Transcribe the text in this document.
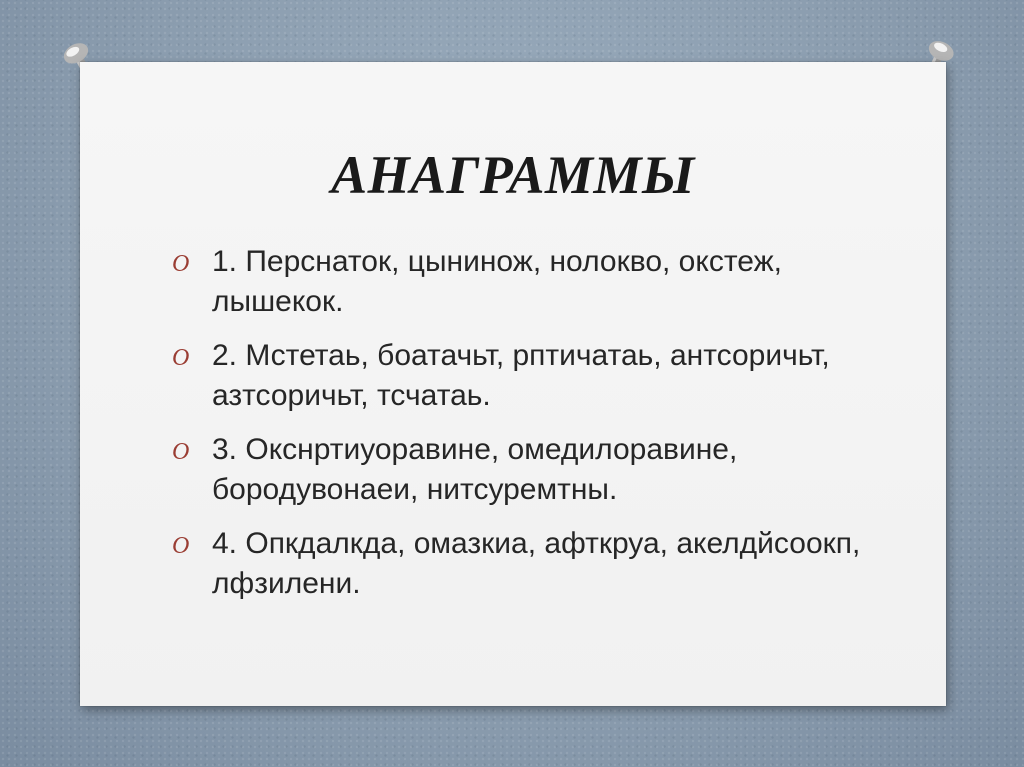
АНАГРАММЫ
O 1. Перснаток, цынинож, нолокво, окстеж, лышекок.
O 2. Мстетаь, боатачьт, рптичатаь, антсоричьт, азтсоричьт, тсчатаь.
O 3. Окснртиуоравине, омедилоравине, бородувонаеи, нитсуремтны.
O 4. Опкдалкда, омазкиа, афткруа, акелдйсоокп, лфзилени.
